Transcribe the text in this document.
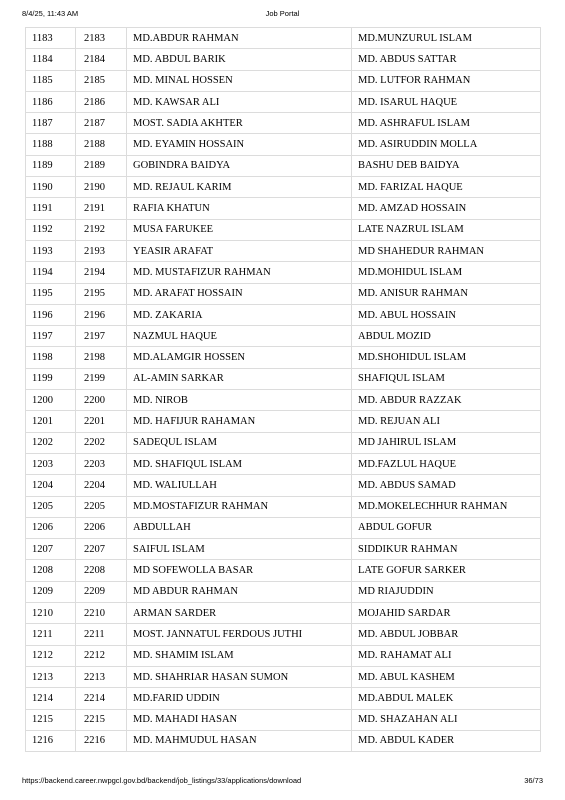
8/4/25, 11:43 AM	Job Portal
1183	2183	MD.ABDUR RAHMAN	MD.MUNZURUL ISLAM
1184	2184	MD. ABDUL BARIK	MD. ABDUS SATTAR
1185	2185	MD. MINAL HOSSEN	MD. LUTFOR RAHMAN
1186	2186	MD. KAWSAR ALI	MD. ISARUL HAQUE
1187	2187	MOST. SADIA AKHTER	MD. ASHRAFUL ISLAM
1188	2188	MD. EYAMIN HOSSAIN	MD. ASIRUDDIN MOLLA
1189	2189	GOBINDRA BAIDYA	BASHU DEB BAIDYA
1190	2190	MD. REJAUL KARIM	MD. FARIZAL HAQUE
1191	2191	RAFIA KHATUN	MD. AMZAD HOSSAIN
1192	2192	MUSA FARUKEE	LATE NAZRUL ISLAM
1193	2193	YEASIR ARAFAT	MD SHAHEDUR RAHMAN
1194	2194	MD. MUSTAFIZUR RAHMAN	MD.MOHIDUL ISLAM
1195	2195	MD. ARAFAT HOSSAIN	MD. ANISUR RAHMAN
1196	2196	MD. ZAKARIA	MD. ABUL HOSSAIN
1197	2197	NAZMUL HAQUE	ABDUL MOZID
1198	2198	MD.ALAMGIR HOSSEN	MD.SHOHIDUL ISLAM
1199	2199	AL-AMIN SARKAR	SHAFIQUL ISLAM
1200	2200	MD. NIROB	MD. ABDUR RAZZAK
1201	2201	MD. HAFIJUR RAHAMAN	MD. REJUAN ALI
1202	2202	SADEQUL ISLAM	MD JAHIRUL ISLAM
1203	2203	MD. SHAFIQUL ISLAM	MD.FAZLUL HAQUE
1204	2204	MD. WALIULLAH	MD. ABDUS SAMAD
1205	2205	MD.MOSTAFIZUR RAHMAN	MD.MOKELECHHUR RAHMAN
1206	2206	ABDULLAH	ABDUL GOFUR
1207	2207	SAIFUL ISLAM	SIDDIKUR RAHMAN
1208	2208	MD SOFEWOLLA BASAR	LATE GOFUR SARKER
1209	2209	MD ABDUR RAHMAN	MD RIAJUDDIN
1210	2210	ARMAN SARDER	MOJAHID SARDAR
1211	2211	MOST. JANNATUL FERDOUS JUTHI	MD. ABDUL JOBBAR
1212	2212	MD. SHAMIM ISLAM	MD. RAHAMAT ALI
1213	2213	MD. SHAHRIAR HASAN SUMON	MD. ABUL KASHEM
1214	2214	MD.FARID UDDIN	MD.ABDUL MALEK
1215	2215	MD. MAHADI HASAN	MD. SHAZAHAN ALI
1216	2216	MD. MAHMUDUL HASAN	MD. ABDUL KADER
https://backend.career.nwpgcl.gov.bd/backend/job_listings/33/applications/download	36/73
